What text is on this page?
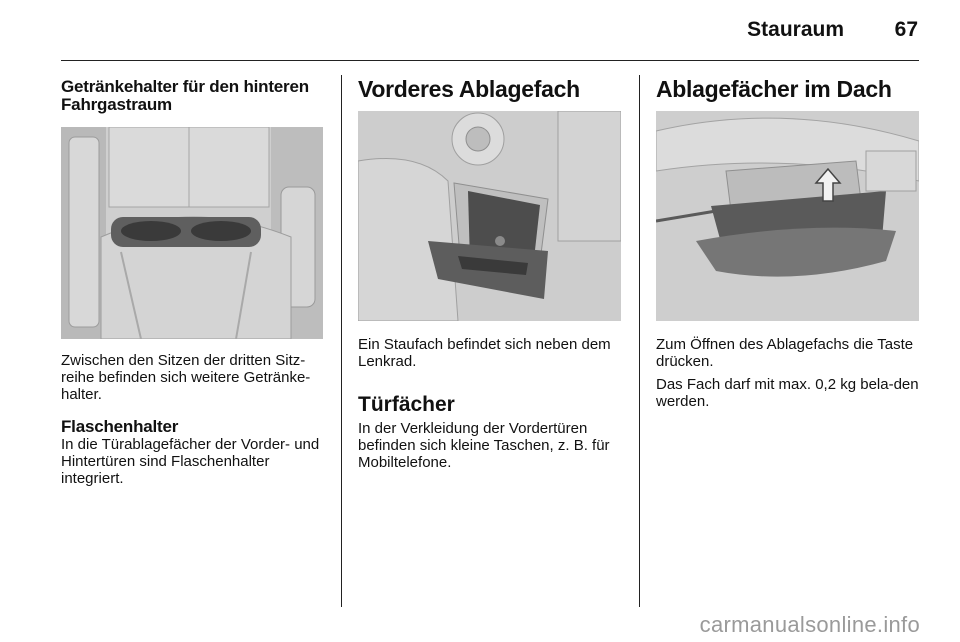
Stauraum 67
Getränkehalter für den hinteren Fahrgastraum

Zwischen den Sitzen der dritten Sitz-reihe befinden sich weitere Getränke-halter.

Flaschenhalter

In die Türablagefächer der Vorder- und Hintertüren sind Flaschenhalter integriert.

Vorderes Ablagefach

Ein Staufach befindet sich neben dem Lenkrad.

Türfächer

In der Verkleidung der Vordertüren befinden sich kleine Taschen, z. B. für Mobiltelefone.

Ablagefächer im Dach

Zum Öffnen des Ablagefachs die Taste drücken.

Das Fach darf mit max. 0,2 kg bela-den werden.

carmanualsonline.info
